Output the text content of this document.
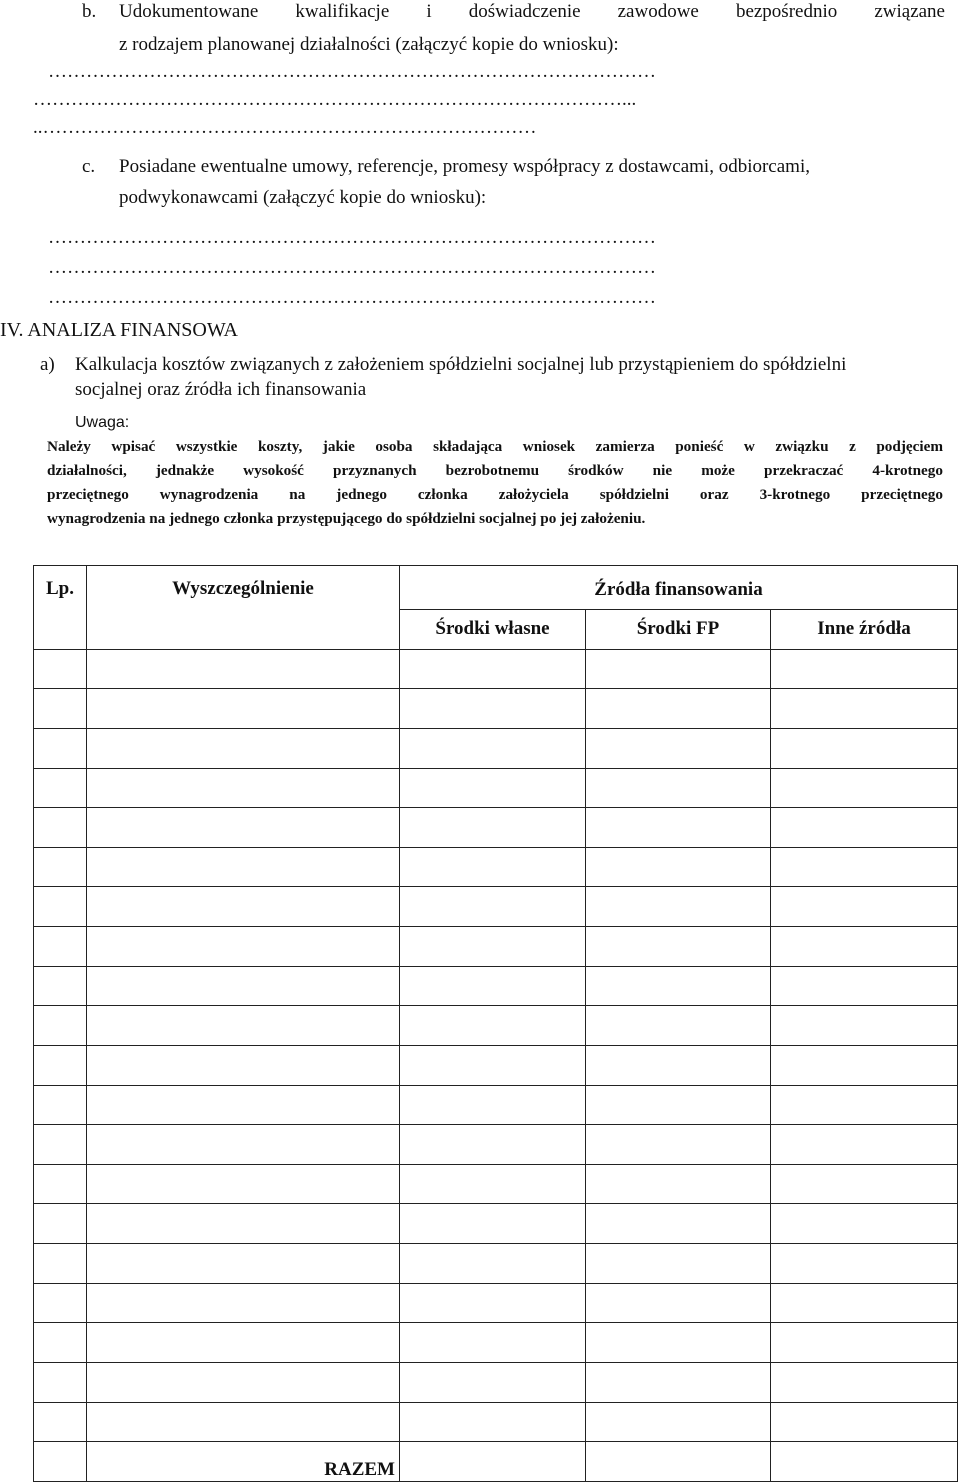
b. Udokumentowane kwalifikacje i doświadczenie zawodowe bezpośrednio związane
z rodzajem planowanej działalności (załączyć kopie do wniosku):
……………………………………………………………………………………
…………………………………………………………………………………...
..……………………………………………………………………
c. Posiadane ewentualne umowy, referencje, promesy współpracy z dostawcami, odbiorcami,
podwykonawcami (załączyć kopie do wniosku):
……………………………………………………………………………………
……………………………………………………………………………………
……………………………………………………………………………………
IV. ANALIZA FINANSOWA
a) Kalkulacja kosztów związanych z założeniem spółdzielni socjalnej lub przystąpieniem do spółdzielni
socjalnej oraz źródła ich finansowania
Uwaga:
Należy wpisać wszystkie koszty, jakie osoba składająca wniosek zamierza ponieść w związku z podjęciem
działalności, jednakże wysokość przyznanych bezrobotnemu środków nie może przekraczać 4-krotnego
przeciętnego wynagrodzenia na jednego członka założyciela spółdzielni oraz 3-krotnego przeciętnego
wynagrodzenia na jednego członka przystępującego do spółdzielni socjalnej po jej założeniu.
Lp.	Wyszczególnienie	Źródła finansowania		
		Środki własne	Środki FP	Inne źródła

	RAZEM			
